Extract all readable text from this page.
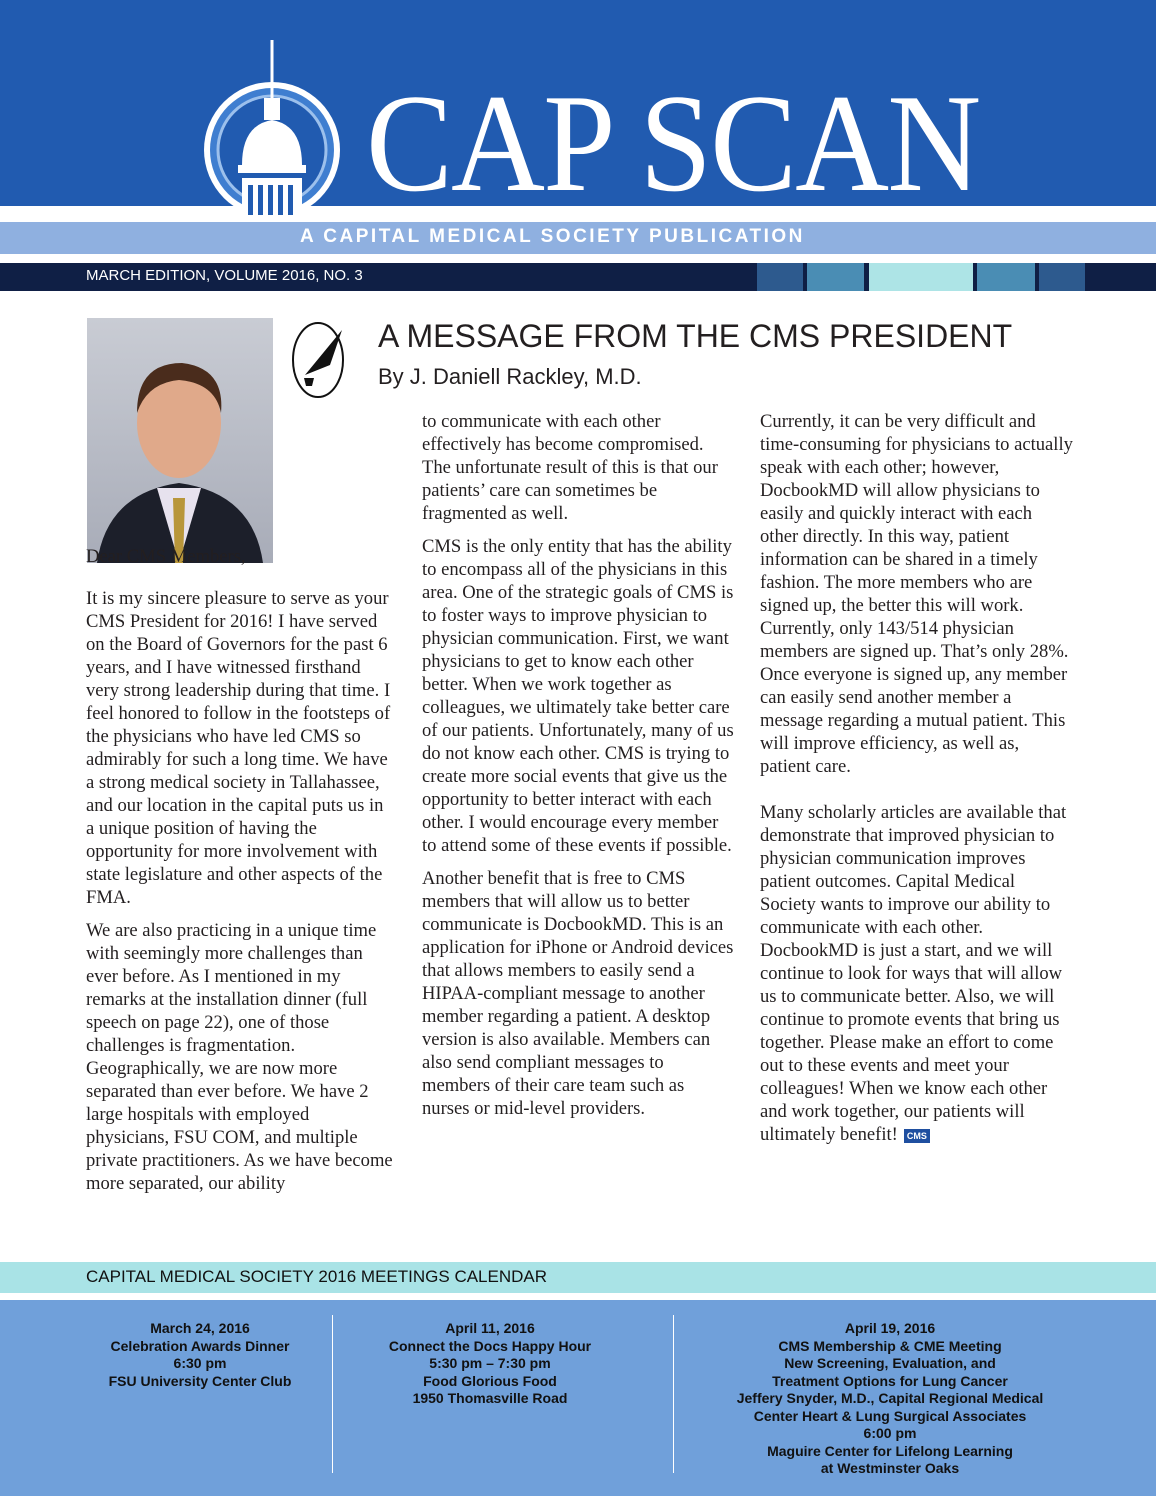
CAP SCAN
A CAPITAL MEDICAL SOCIETY PUBLICATION
MARCH EDITION, VOLUME 2016, NO. 3
A MESSAGE FROM THE CMS PRESIDENT
By J. Daniell Rackley, M.D.

Dear CMS Members,

It is my sincere pleasure to serve as your CMS President for 2016! I have served on the Board of Governors for the past 6 years, and I have witnessed firsthand very strong leadership during that time. I feel honored to follow in the footsteps of the physicians who have led CMS so admirably for such a long time. We have a strong medical society in Tallahassee, and our location in the capital puts us in a unique position of having the opportunity for more involvement with state legislature and other aspects of the FMA.

We are also practicing in a unique time with seemingly more challenges than ever before. As I mentioned in my remarks at the installation dinner (full speech on page 22), one of those challenges is fragmentation. Geographically, we are now more separated than ever before. We have 2 large hospitals with employed physicians, FSU COM, and multiple private practitioners. As we have become more separated, our ability

to communicate with each other effectively has become compromised. The unfortunate result of this is that our patients’ care can sometimes be fragmented as well.

CMS is the only entity that has the ability to encompass all of the physicians in this area. One of the strategic goals of CMS is to foster ways to improve physician to physician communication. First, we want physicians to get to know each other better. When we work together as colleagues, we ultimately take better care of our patients. Unfortunately, many of us do not know each other. CMS is trying to create more social events that give us the opportunity to better interact with each other. I would encourage every member to attend some of these events if possible.

Another benefit that is free to CMS members that will allow us to better communicate is DocbookMD. This is an application for iPhone or Android devices that allows members to easily send a HIPAA-compliant message to another member regarding a patient. A desktop version is also available. Members can also send compliant messages to members of their care team such as nurses or mid-level providers.

Currently, it can be very difficult and time-consuming for physicians to actually speak with each other; however, DocbookMD will allow physicians to easily and quickly interact with each other directly. In this way, patient information can be shared in a timely fashion. The more members who are signed up, the better this will work. Currently, only 143/514 physician members are signed up. That’s only 28%. Once everyone is signed up, any member can easily send another member a message regarding a mutual patient. This will improve efficiency, as well as, patient care.

Many scholarly articles are available that demonstrate that improved physician to physician communication improves patient outcomes. Capital Medical Society wants to improve our ability to communicate with each other. DocbookMD is just a start, and we will continue to look for ways that will allow us to communicate better. Also, we will continue to promote events that bring us together. Please make an effort to come out to these events and meet your colleagues! When we know each other and work together, our patients will ultimately benefit! CMS

CAPITAL MEDICAL SOCIETY 2016 MEETINGS CALENDAR
March 24, 2016
Celebration Awards Dinner
6:30 pm
FSU University Center Club
April 11, 2016
Connect the Docs Happy Hour
5:30 pm – 7:30 pm
Food Glorious Food
1950 Thomasville Road
April 19, 2016
CMS Membership & CME Meeting
New Screening, Evaluation, and
Treatment Options for Lung Cancer
Jeffery Snyder, M.D., Capital Regional Medical
Center Heart & Lung Surgical Associates
6:00 pm
Maguire Center for Lifelong Learning
at Westminster Oaks
